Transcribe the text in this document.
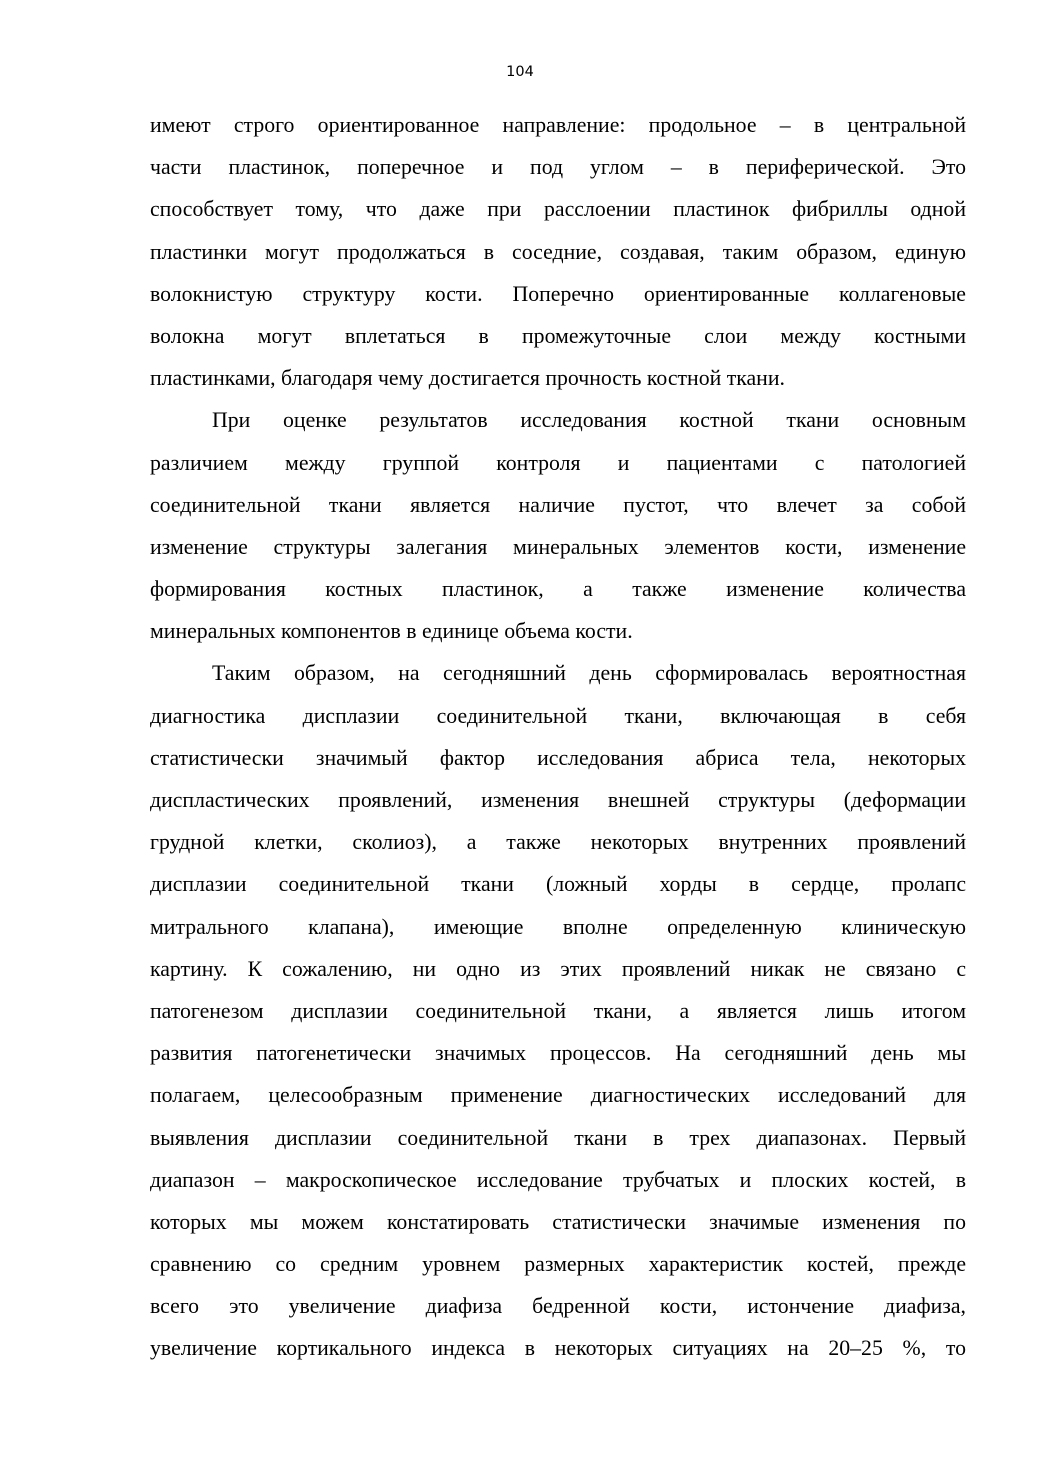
104
имеют строго ориентированное направление: продольное – в центральной
части пластинок, поперечное и под углом – в периферической. Это
способствует тому, что даже при расслоении пластинок фибриллы одной
пластинки могут продолжаться в соседние, создавая, таким образом, единую
волокнистую структуру кости. Поперечно ориентированные коллагеновые
волокна могут вплетаться в промежуточные слои между костными
пластинками, благодаря чему достигается прочность костной ткани.
При оценке результатов исследования костной ткани основным
различием между группой контроля и пациентами с патологией
соединительной ткани является наличие пустот, что влечет за собой
изменение структуры залегания минеральных элементов кости, изменение
формирования костных пластинок, а также изменение количества
минеральных компонентов в единице объема кости.
Таким образом, на сегодняшний день сформировалась вероятностная
диагностика дисплазии соединительной ткани, включающая в себя
статистически значимый фактор исследования абриса тела, некоторых
диспластических проявлений, изменения внешней структуры (деформации
грудной клетки, сколиоз), а также некоторых внутренних проявлений
дисплазии соединительной ткани (ложный хорды в сердце, пролапс
митрального клапана), имеющие вполне определенную клиническую
картину. К сожалению, ни одно из этих проявлений никак не связано с
патогенезом дисплазии соединительной ткани, а является лишь итогом
развития патогенетически значимых процессов. На сегодняшний день мы
полагаем, целесообразным применение диагностических исследований для
выявления дисплазии соединительной ткани в трех диапазонах. Первый
диапазон – макроскопическое исследование трубчатых и плоских костей, в
которых мы можем констатировать статистически значимые изменения по
сравнению со средним уровнем размерных характеристик костей, прежде
всего это увеличение диафиза бедренной кости, истончение диафиза,
увеличение кортикального индекса в некоторых ситуациях на 20–25 %, то
